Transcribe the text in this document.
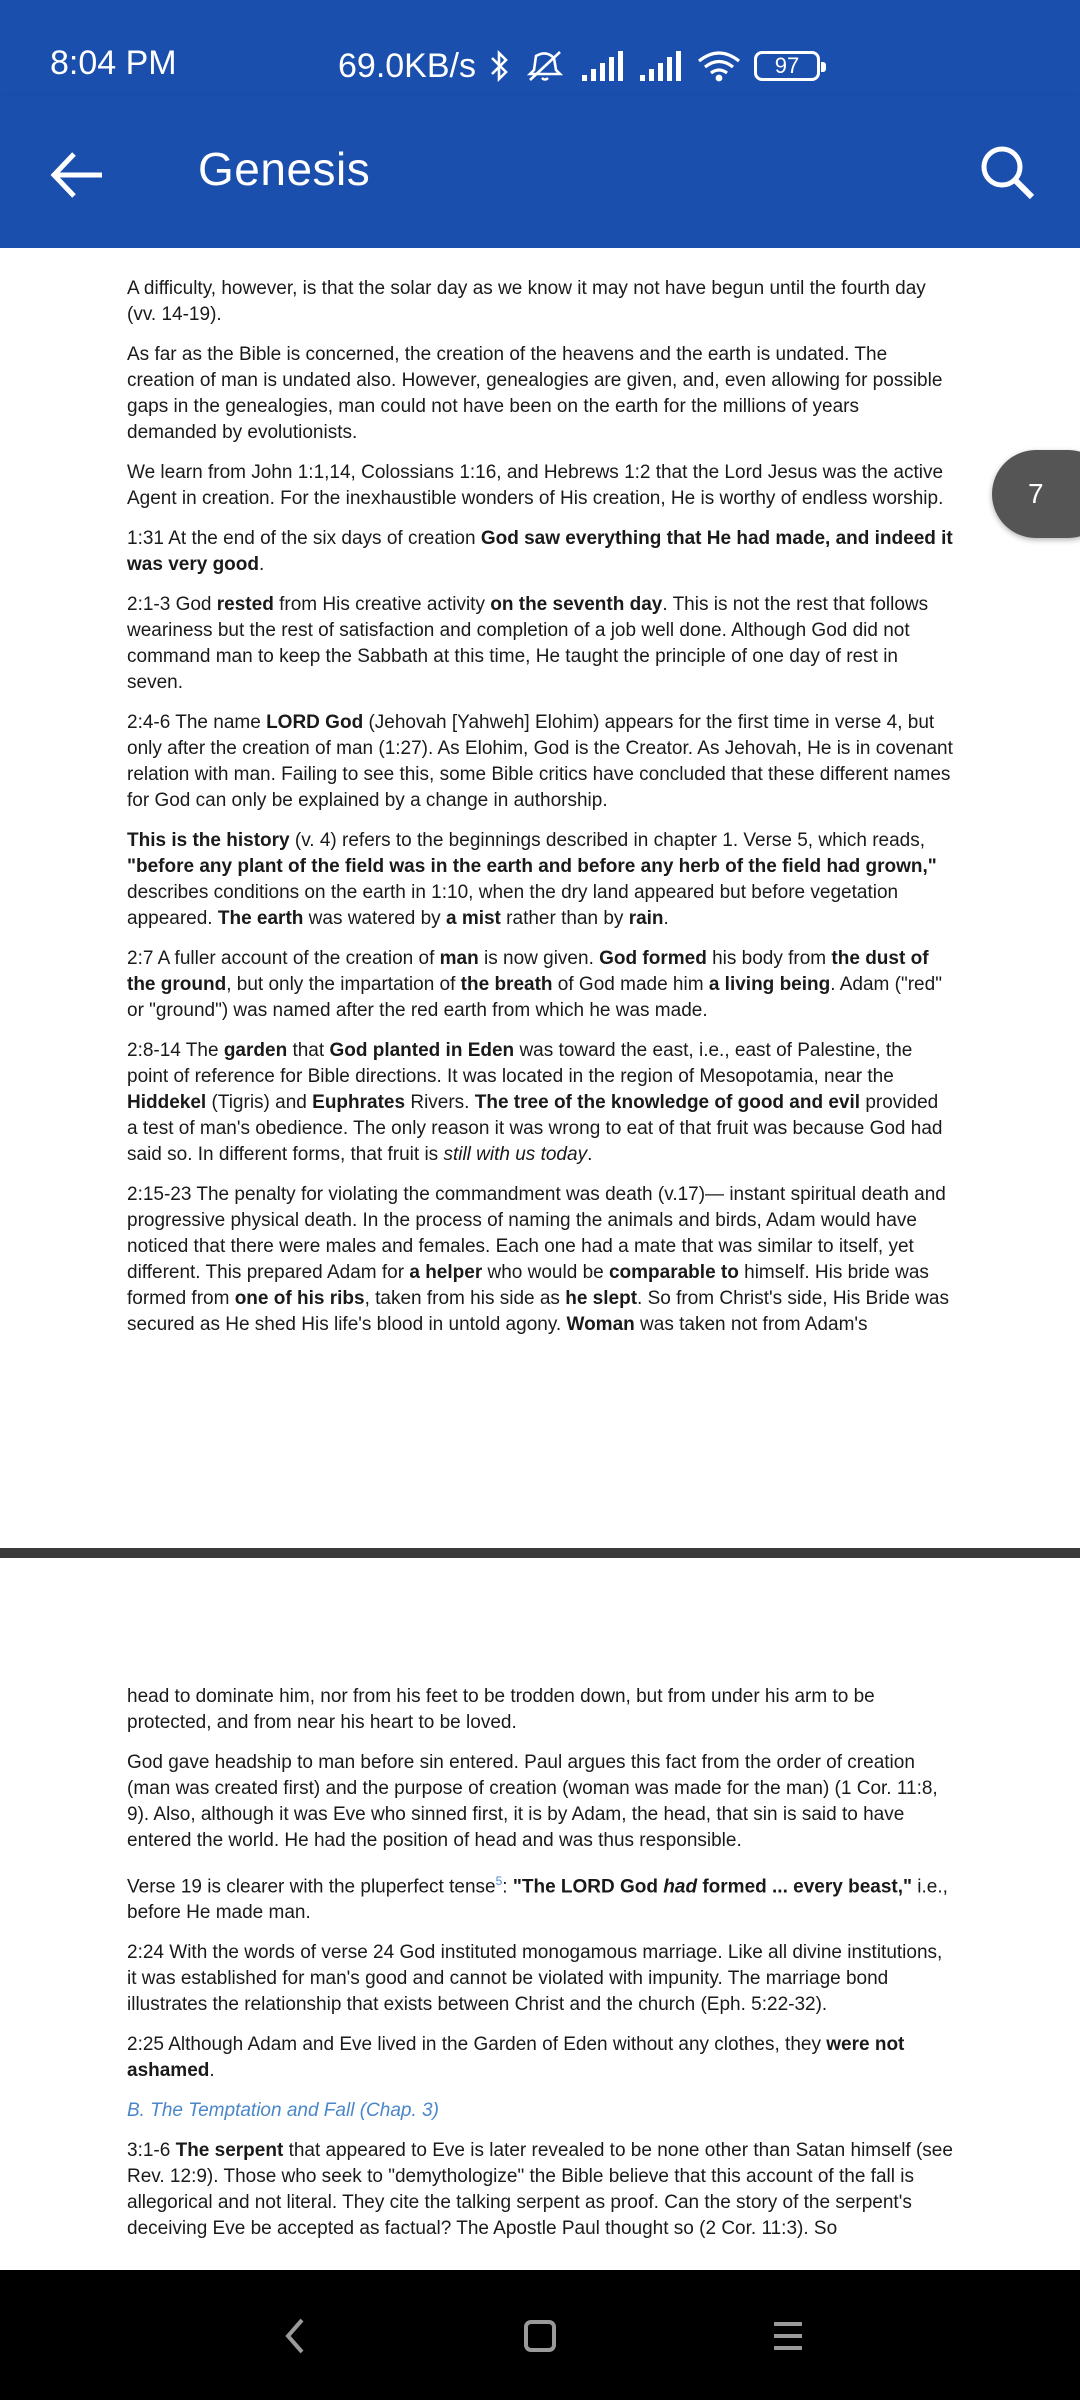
8:04 PM	69.0KB/s	97
Genesis

A difficulty, however, is that the solar day as we know it may not have begun until the fourth day (vv. 14-19).

As far as the Bible is concerned, the creation of the heavens and the earth is undated. The creation of man is undated also. However, genealogies are given, and, even allowing for possible gaps in the genealogies, man could not have been on the earth for the millions of years demanded by evolutionists.

We learn from John 1:1,14, Colossians 1:16, and Hebrews 1:2 that the Lord Jesus was the active Agent in creation. For the inexhaustible wonders of His creation, He is worthy of endless worship.

1:31 At the end of the six days of creation God saw everything that He had made, and indeed it was very good.

2:1-3 God rested from His creative activity on the seventh day. This is not the rest that follows weariness but the rest of satisfaction and completion of a job well done. Although God did not command man to keep the Sabbath at this time, He taught the principle of one day of rest in seven.

2:4-6 The name LORD God (Jehovah [Yahweh] Elohim) appears for the first time in verse 4, but only after the creation of man (1:27). As Elohim, God is the Creator. As Jehovah, He is in covenant relation with man. Failing to see this, some Bible critics have concluded that these different names for God can only be explained by a change in authorship.

This is the history (v. 4) refers to the beginnings described in chapter 1. Verse 5, which reads, "before any plant of the field was in the earth and before any herb of the field had grown," describes conditions on the earth in 1:10, when the dry land appeared but before vegetation appeared. The earth was watered by a mist rather than by rain.

2:7 A fuller account of the creation of man is now given. God formed his body from the dust of the ground, but only the impartation of the breath of God made him a living being. Adam ("red" or "ground") was named after the red earth from which he was made.

2:8-14 The garden that God planted in Eden was toward the east, i.e., east of Palestine, the point of reference for Bible directions. It was located in the region of Mesopotamia, near the Hiddekel (Tigris) and Euphrates Rivers. The tree of the knowledge of good and evil provided a test of man's obedience. The only reason it was wrong to eat of that fruit was because God had said so. In different forms, that fruit is still with us today.

2:15-23 The penalty for violating the commandment was death (v.17)— instant spiritual death and progressive physical death. In the process of naming the animals and birds, Adam would have noticed that there were males and females. Each one had a mate that was similar to itself, yet different. This prepared Adam for a helper who would be comparable to himself. His bride was formed from one of his ribs, taken from his side as he slept. So from Christ's side, His Bride was secured as He shed His life's blood in untold agony. Woman was taken not from Adam's

head to dominate him, nor from his feet to be trodden down, but from under his arm to be protected, and from near his heart to be loved.

God gave headship to man before sin entered. Paul argues this fact from the order of creation (man was created first) and the purpose of creation (woman was made for the man) (1 Cor. 11:8, 9). Also, although it was Eve who sinned first, it is by Adam, the head, that sin is said to have entered the world. He had the position of head and was thus responsible.

Verse 19 is clearer with the pluperfect tense$^5$: "The LORD God had formed ... every beast," i.e., before He made man.

2:24 With the words of verse 24 God instituted monogamous marriage. Like all divine institutions, it was established for man's good and cannot be violated with impunity. The marriage bond illustrates the relationship that exists between Christ and the church (Eph. 5:22-32).

2:25 Although Adam and Eve lived in the Garden of Eden without any clothes, they were not ashamed.

B. The Temptation and Fall (Chap. 3)

3:1-6 The serpent that appeared to Eve is later revealed to be none other than Satan himself (see Rev. 12:9). Those who seek to "demythologize" the Bible believe that this account of the fall is allegorical and not literal. They cite the talking serpent as proof. Can the story of the serpent's deceiving Eve be accepted as factual? The Apostle Paul thought so (2 Cor. 11:3). So

7
